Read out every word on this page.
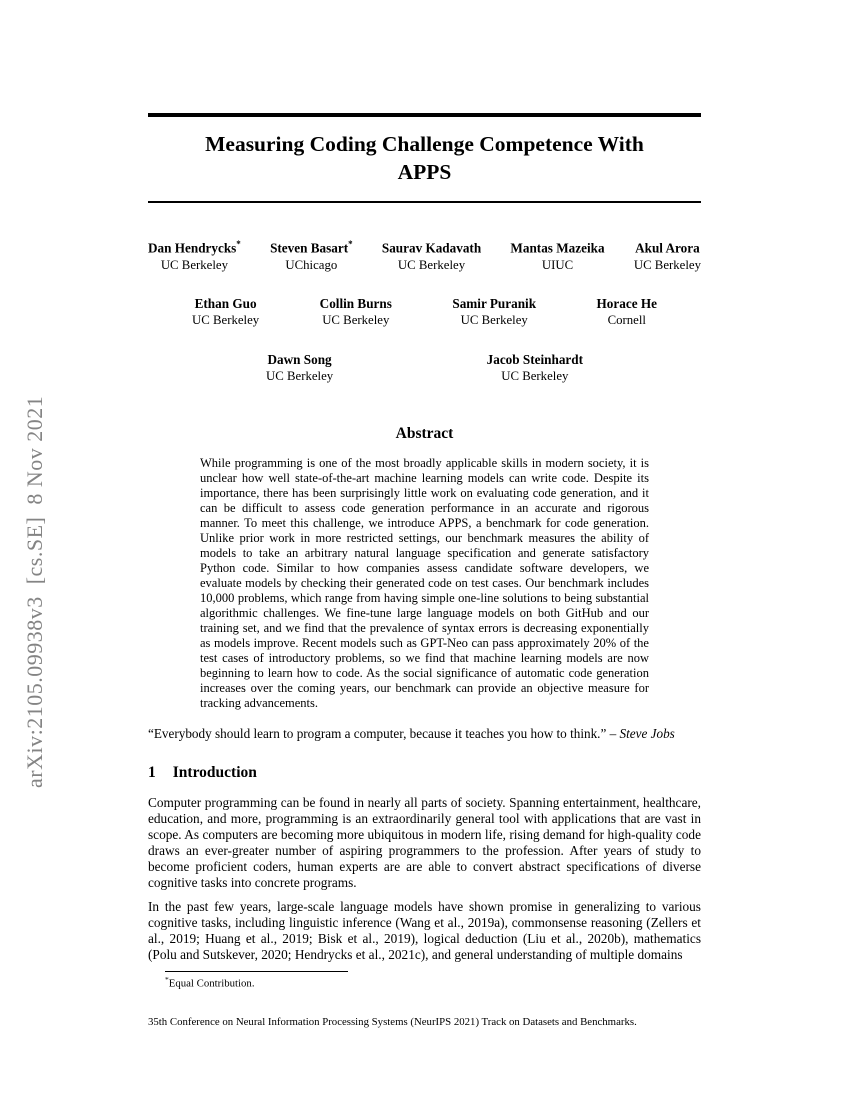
arXiv:2105.09938v3  [cs.SE]  8 Nov 2021
Measuring Coding Challenge Competence With
APPS
Dan Hendrycks*
UC Berkeley
Steven Basart*
UChicago
Saurav Kadavath
UC Berkeley
Mantas Mazeika
UIUC
Akul Arora
UC Berkeley
Ethan Guo
UC Berkeley
Collin Burns
UC Berkeley
Samir Puranik
UC Berkeley
Horace He
Cornell
Dawn Song
UC Berkeley
Jacob Steinhardt
UC Berkeley
Abstract
While programming is one of the most broadly applicable skills in modern society, it is unclear how well state-of-the-art machine learning models can write code. Despite its importance, there has been surprisingly little work on evaluating code generation, and it can be difficult to assess code generation performance in an accurate and rigorous manner. To meet this challenge, we introduce APPS, a benchmark for code generation. Unlike prior work in more restricted settings, our benchmark measures the ability of models to take an arbitrary natural language specification and generate satisfactory Python code. Similar to how companies assess candidate software developers, we evaluate models by checking their generated code on test cases. Our benchmark includes 10,000 problems, which range from having simple one-line solutions to being substantial algorithmic challenges. We fine-tune large language models on both GitHub and our training set, and we find that the prevalence of syntax errors is decreasing exponentially as models improve. Recent models such as GPT-Neo can pass approximately 20% of the test cases of introductory problems, so we find that machine learning models are now beginning to learn how to code. As the social significance of automatic code generation increases over the coming years, our benchmark can provide an objective measure for tracking advancements.
“Everybody should learn to program a computer, because it teaches you how to think.” – Steve Jobs
1 Introduction
Computer programming can be found in nearly all parts of society. Spanning entertainment, healthcare, education, and more, programming is an extraordinarily general tool with applications that are vast in scope. As computers are becoming more ubiquitous in modern life, rising demand for high-quality code draws an ever-greater number of aspiring programmers to the profession. After years of study to become proficient coders, human experts are are able to convert abstract specifications of diverse cognitive tasks into concrete programs.
In the past few years, large-scale language models have shown promise in generalizing to various cognitive tasks, including linguistic inference (Wang et al., 2019a), commonsense reasoning (Zellers et al., 2019; Huang et al., 2019; Bisk et al., 2019), logical deduction (Liu et al., 2020b), mathematics (Polu and Sutskever, 2020; Hendrycks et al., 2021c), and general understanding of multiple domains
*Equal Contribution.
35th Conference on Neural Information Processing Systems (NeurIPS 2021) Track on Datasets and Benchmarks.
